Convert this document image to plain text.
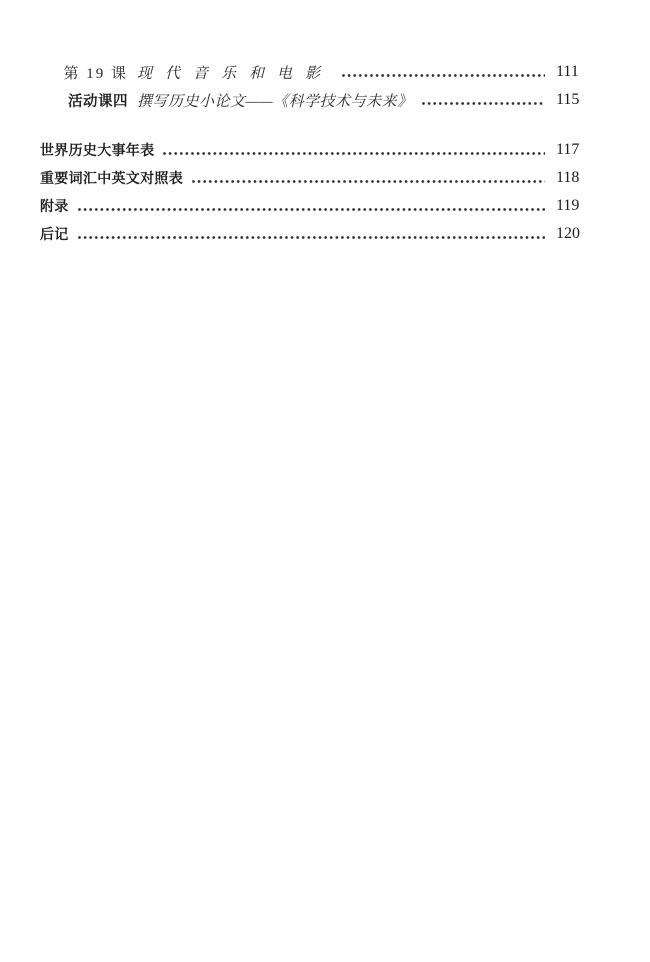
第 19 课 现代音乐和电影	111
活动课四 撰写历史小论文——《科学技术与未来》	115
世界历史大事年表	117
重要词汇中英文对照表	118
附录	119
后记	120
